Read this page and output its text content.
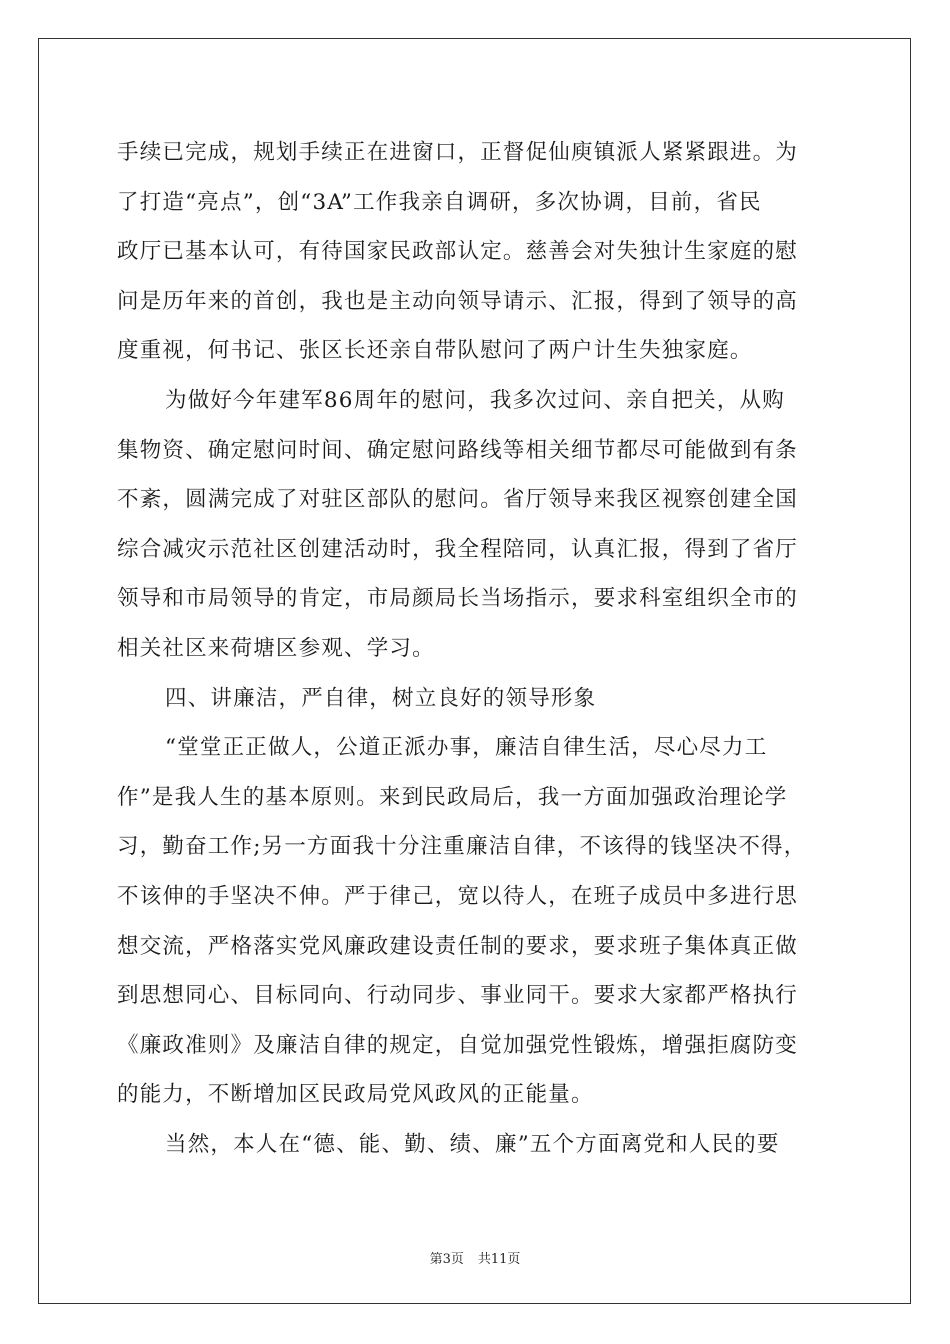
手续已完成，规划手续正在进窗口，正督促仙庾镇派人紧紧跟进。为
了打造“亮点”，创“3A”工作我亲自调研，多次协调，目前，省民
政厅已基本认可，有待国家民政部认定。慈善会对失独计生家庭的慰
问是历年来的首创，我也是主动向领导请示、汇报，得到了领导的高
度重视，何书记、张区长还亲自带队慰问了两户计生失独家庭。
为做好今年建军86周年的慰问，我多次过问、亲自把关，从购
集物资、确定慰问时间、确定慰问路线等相关细节都尽可能做到有条
不紊，圆满完成了对驻区部队的慰问。省厅领导来我区视察创建全国
综合减灾示范社区创建活动时，我全程陪同，认真汇报，得到了省厅
领导和市局领导的肯定，市局颜局长当场指示，要求科室组织全市的
相关社区来荷塘区参观、学习。
四、讲廉洁，严自律，树立良好的领导形象
“堂堂正正做人，公道正派办事，廉洁自律生活，尽心尽力工
作”是我人生的基本原则。来到民政局后，我一方面加强政治理论学
习，勤奋工作;另一方面我十分注重廉洁自律，不该得的钱坚决不得，
不该伸的手坚决不伸。严于律己，宽以待人，在班子成员中多进行思
想交流，严格落实党风廉政建设责任制的要求，要求班子集体真正做
到思想同心、目标同向、行动同步、事业同干。要求大家都严格执行
《廉政准则》及廉洁自律的规定，自觉加强党性锻炼，增强拒腐防变
的能力，不断增加区民政局党风政风的正能量。
当然，本人在“德、能、勤、绩、廉”五个方面离党和人民的要
第3页 共11页
